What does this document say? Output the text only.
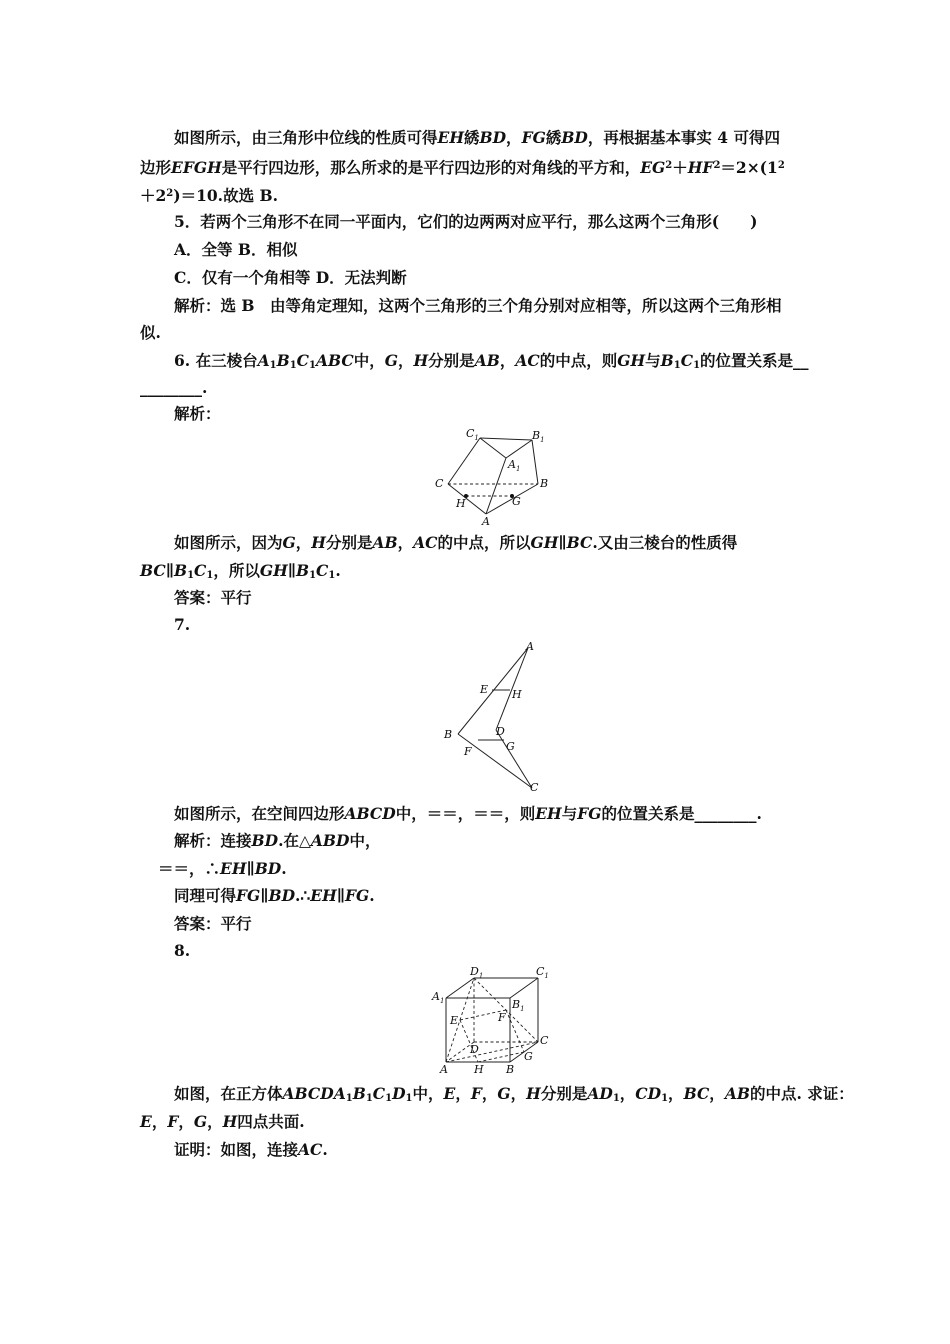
如图所示，由三角形中位线的性质可得EH綉BD，FG綉BD，再根据基本事实 4 可得四
边形EFGH是平行四边形，那么所求的是平行四边形的对角线的平方和，$EG^2+HF^2=2\times(1^2$
$+2^2)=10$.故选 B.
5．若两个三角形不在同一平面内，它们的边两两对应平行，那么这两个三角形(　　)
A．全等 B．相似
C．仅有一个角相等 D．无法判断
解析：选 B　由等角定理知，这两个三角形的三个角分别对应相等，所以这两个三角形相
似.
6. 在三棱台$A_1B_1C_1ABC$中，G，H分别是AB，AC的中点，则GH与$B_1C_1$的位置关系是__
________.
解析：
$C_1$	$B_1$
$A_1$
C	B
H	G
A
如图所示，因为G，H分别是AB，AC的中点，所以GH∥BC.又由三棱台的性质得
$BC\parallel B_1C_1$，所以$GH\parallel B_1C_1$.
答案：平行
7.
A
E H
B	D
F	G
C
如图所示，在空间四边形ABCD中，＝＝，＝＝，则EH与FG的位置关系是________.
解析：连接BD.在△ABD中，
＝＝，∴EH∥BD.
同理可得FG∥BD.∴EH∥FG.
答案：平行
8.
$D_1$	$C_1$
$A_1$	$B_1$
E	F
D
C
G
A H B
如图，在正方体$ABCDA_1B_1C_1D_1$中，E，F，G，H分别是$AD_1$，$CD_1$，BC，AB的中点. 求证：
E，F，G，H四点共面.
证明：如图，连接AC.
